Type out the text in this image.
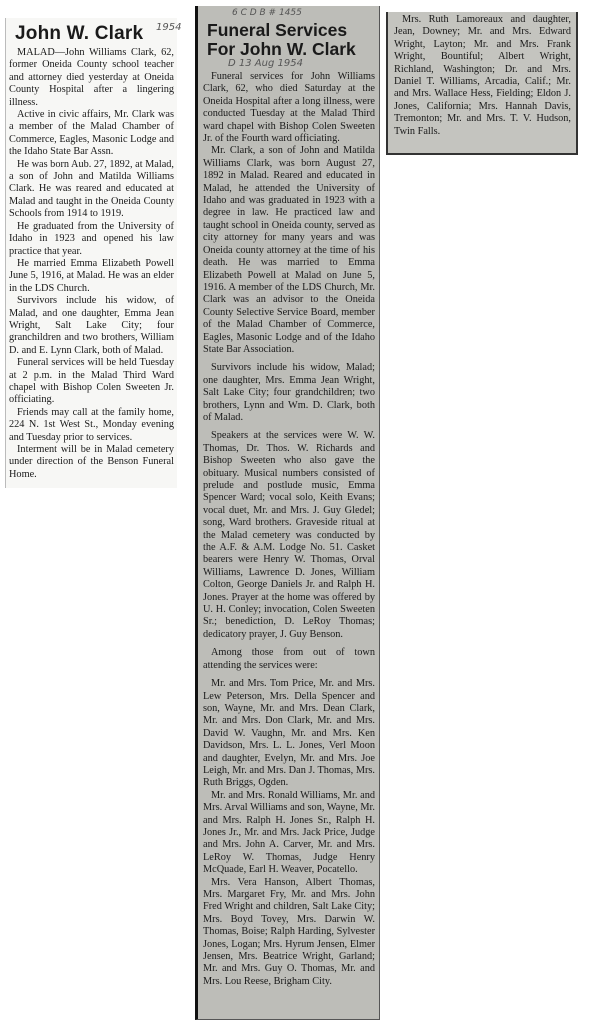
1954
John W. Clark

MALAD—John Williams Clark, 62, former Oneida County school teacher and attorney died yesterday at Oneida County Hospital after a lingering illness.

Active in civic affairs, Mr. Clark was a member of the Malad Chamber of Commerce, Eagles, Masonic Lodge and the Idaho State Bar Assn.

He was born Aub. 27, 1892, at Malad, a son of John and Matilda Williams Clark. He was reared and educated at Malad and taught in the Oneida County Schools from 1914 to 1919.

He graduated from the University of Idaho in 1923 and opened his law practice that year.

He married Emma Elizabeth Powell June 5, 1916, at Malad. He was an elder in the LDS Church.

Survivors include his widow, of Malad, and one daughter, Emma Jean Wright, Salt Lake City; four granchildren and two brothers, William D. and E. Lynn Clark, both of Malad.

Funeral services will be held Tuesday at 2 p.m. in the Malad Third Ward chapel with Bishop Colen Sweeten Jr. officiating.

Friends may call at the family home, 224 N. 1st West St., Monday evening and Tuesday prior to services.

Interment will be in Malad cemetery under direction of the Benson Funeral Home.

6 C D B # 1455
D 13 Aug 1954
Funeral Services
For John W. Clark

Funeral services for John Williams Clark, 62, who died Saturday at the Oneida Hospital after a long illness, were conducted Tuesday at the Malad Third ward chapel with Bishop Colen Sweeten Jr. of the Fourth ward officiating.

Mr. Clark, a son of John and Matilda Williams Clark, was born August 27, 1892 in Malad. Reared and educated in Malad, he attended the University of Idaho and was graduated in 1923 with a degree in law. He practiced law and taught school in Oneida county, served as city attorney for many years and was Oneida county attorney at the time of his death. He was married to Emma Elizabeth Powell at Malad on June 5, 1916. A member of the LDS Church, Mr. Clark was an advisor to the Oneida County Selective Service Board, member of the Malad Chamber of Commerce, Eagles, Masonic Lodge and of the Idaho State Bar Association.

Survivors include his widow, Malad; one daughter, Mrs. Emma Jean Wright, Salt Lake City; four grandchildren; two brothers, Lynn and Wm. D. Clark, both of Malad.

Speakers at the services were W. W. Thomas, Dr. Thos. W. Richards and Bishop Sweeten who also gave the obituary. Musical numbers consisted of prelude and postlude music, Emma Spencer Ward; vocal solo, Keith Evans; vocal duet, Mr. and Mrs. J. Guy Gledel; song, Ward brothers. Graveside ritual at the Malad cemetery was conducted by the A.F. & A.M. Lodge No. 51. Casket bearers were Henry W. Thomas, Orval Williams, Lawrence D. Jones, William Colton, George Daniels Jr. and Ralph H. Jones. Prayer at the home was offered by U. H. Conley; invocation, Colen Sweeten Sr.; benediction, D. LeRoy Thomas; dedicatory prayer, J. Guy Benson.

Among those from out of town attending the services were:

Mr. and Mrs. Tom Price, Mr. and Mrs. Lew Peterson, Mrs. Della Spencer and son, Wayne, Mr. and Mrs. Dean Clark, Mr. and Mrs. Don Clark, Mr. and Mrs. David W. Vaughn, Mr. and Mrs. Ken Davidson, Mrs. L. L. Jones, Verl Moon and daughter, Evelyn, Mr. and Mrs. Joe Leigh, Mr. and Mrs. Dan J. Thomas, Mrs. Ruth Briggs, Ogden.

Mr. and Mrs. Ronald Williams, Mr. and Mrs. Arval Williams and son, Wayne, Mr. and Mrs. Ralph H. Jones Sr., Ralph H. Jones Jr., Mr. and Mrs. Jack Price, Judge and Mrs. John A. Carver, Mr. and Mrs. LeRoy W. Thomas, Judge Henry McQuade, Earl H. Weaver, Pocatello.

Mrs. Vera Hanson, Albert Thomas, Mrs. Margaret Fry, Mr. and Mrs. John Fred Wright and children, Salt Lake City; Mrs. Boyd Tovey, Mrs. Darwin W. Thomas, Boise; Ralph Harding, Sylvester Jones, Logan; Mrs. Hyrum Jensen, Elmer Jensen, Mrs. Beatrice Wright, Garland; Mr. and Mrs. Guy O. Thomas, Mr. and Mrs. Lou Reese, Brigham City.

Mrs. Ruth Lamoreaux and daughter, Jean, Downey; Mr. and Mrs. Edward Wright, Layton; Mr. and Mrs. Frank Wright, Bountiful; Albert Wright, Richland, Washington; Dr. and Mrs. Daniel T. Williams, Arcadia, Calif.; Mr. and Mrs. Wallace Hess, Fielding; Eldon J. Jones, California; Mrs. Hannah Davis, Tremonton; Mr. and Mrs. T. V. Hudson, Twin Falls.
